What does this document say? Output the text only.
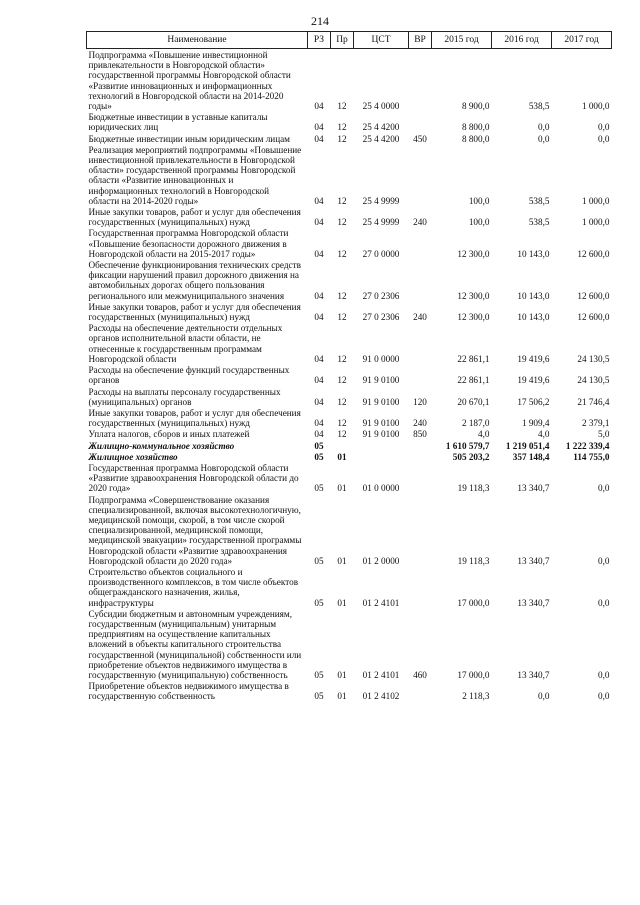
214
Наименование	РЗ	Пр	ЦСТ	ВР	2015 год	2016 год	2017 год
Подпрограмма «Повышение инвестиционной привлекательности в Новгородской области» государственной программы Новгородской области «Развитие инновационных и информационных технологий в Новгородской области на 2014-2020 годы»	04	12	25 4 0000		8 900,0	538,5	1 000,0
Бюджетные инвестиции в уставные капиталы юридических лиц	04	12	25 4 4200		8 800,0	0,0	0,0
Бюджетные инвестиции иным юридическим лицам	04	12	25 4 4200	450	8 800,0	0,0	0,0
Реализация мероприятий подпрограммы «Повышение инвестиционной привлекательности в Новгородской области» государственной программы Новгородской области «Развитие инновационных и информационных технологий в Новгородской области на 2014-2020 годы»	04	12	25 4 9999		100,0	538,5	1 000,0
Иные закупки товаров, работ и услуг для обеспечения государственных (муниципальных) нужд	04	12	25 4 9999	240	100,0	538,5	1 000,0
Государственная программа Новгородской области «Повышение безопасности дорожного движения в Новгородской области на 2015-2017 годы»	04	12	27 0 0000		12 300,0	10 143,0	12 600,0
Обеспечение функционирования технических средств фиксации нарушений правил дорожного движения на автомобильных дорогах общего пользования регионального или межмуниципального значения	04	12	27 0 2306		12 300,0	10 143,0	12 600,0
Иные закупки товаров, работ и услуг для обеспечения государственных (муниципальных) нужд	04	12	27 0 2306	240	12 300,0	10 143,0	12 600,0
Расходы на обеспечение деятельности отдельных органов исполнительной власти области, не отнесенные к государственным программам Новгородской области	04	12	91 0 0000		22 861,1	19 419,6	24 130,5
Расходы на обеспечение функций государственных органов	04	12	91 9 0100		22 861,1	19 419,6	24 130,5
Расходы на выплаты персоналу государственных (муниципальных) органов	04	12	91 9 0100	120	20 670,1	17 506,2	21 746,4
Иные закупки товаров, работ и услуг для обеспечения государственных (муниципальных) нужд	04	12	91 9 0100	240	2 187,0	1 909,4	2 379,1
Уплата налогов, сборов и иных платежей	04	12	91 9 0100	850	4,0	4,0	5,0
Жилищно-коммунальное хозяйство	05				1 610 579,7	1 219 051,4	1 222 339,4
Жилищное хозяйство	05	01			505 203,2	357 148,4	114 755,0
Государственная программа Новгородской области «Развитие здравоохранения Новгородской области до 2020 года»	05	01	01 0 0000		19 118,3	13 340,7	0,0
Подпрограмма «Совершенствование оказания специализированной, включая высокотехнологичную, медицинской помощи, скорой, в том числе скорой специализированной, медицинской помощи, медицинской эвакуации» государственной программы Новгородской области «Развитие здравоохранения Новгородской области до 2020 года»	05	01	01 2 0000		19 118,3	13 340,7	0,0
Строительство объектов социального и производственного комплексов, в том числе объектов общегражданского назначения, жилья, инфраструктуры	05	01	01 2 4101		17 000,0	13 340,7	0,0
Субсидии бюджетным и автономным учреждениям, государственным (муниципальным) унитарным предприятиям на осуществление капитальных вложений в объекты капитального строительства государственной (муниципальной) собственности или приобретение объектов недвижимого имущества в государственную (муниципальную) собственность	05	01	01 2 4101	460	17 000,0	13 340,7	0,0
Приобретение объектов недвижимого имущества в государственную собственность	05	01	01 2 4102		2 118,3	0,0	0,0
